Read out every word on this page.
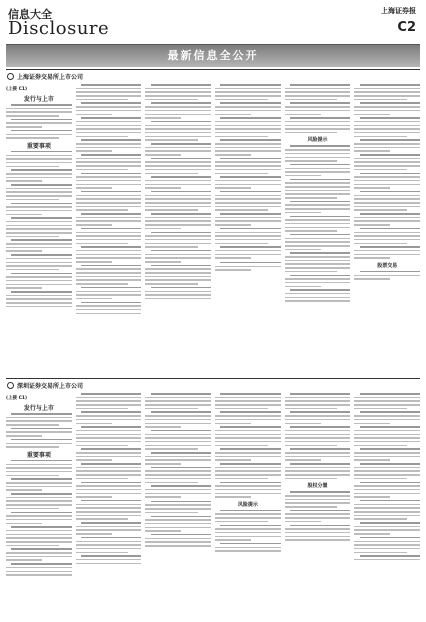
信息大全
Disclosure
上海证券报
C2
最新信息全公开
上海证券交易所上市公司
(上接 C1)
发行与上市
重要事项
风险提示
股票交易
深圳证券交易所上市公司
(上接 C1)
发行与上市
重要事项
风险提示
股权分置
